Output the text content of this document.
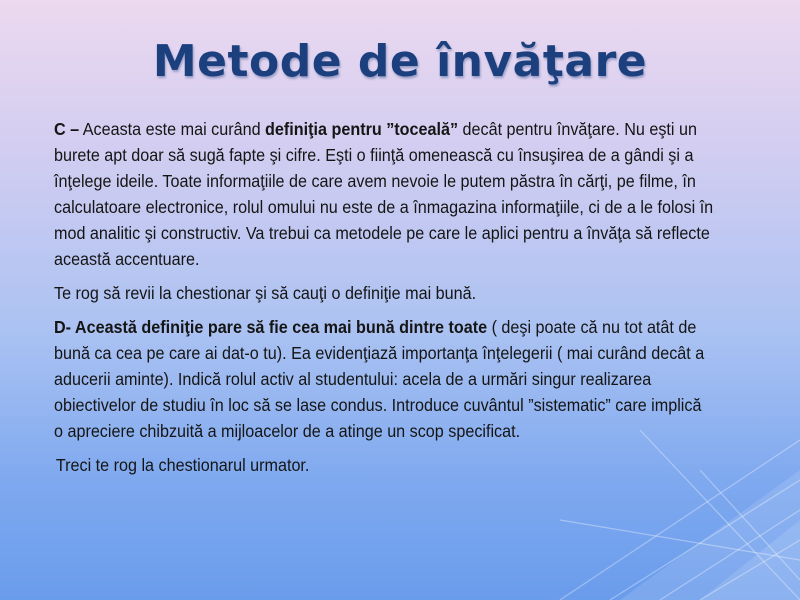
Metode de învăţare

C – Aceasta este mai curând definiţia pentru ”toceală” decât pentru învăţare. Nu eşti un burete apt doar să sugă fapte şi cifre. Eşti o fiinţă omenească cu însuşirea de a gândi şi a înţelege ideile. Toate informaţiile de care avem nevoie le putem păstra în cărţi, pe filme, în calculatoare electronice, rolul omului nu este de a înmagazina informaţiile, ci de a le folosi în mod analitic şi constructiv. Va trebui ca metodele pe care le aplici pentru a învăţa să reflecte această accentuare.

Te rog să revii la chestionar şi să cauţi o definiţie mai bună.

D- Această definiţie pare să fie cea mai bună dintre toate ( deşi poate că nu tot atât de bună ca cea pe care ai dat-o tu). Ea evidenţiază importanţa înţelegerii ( mai curând decât a aducerii aminte). Indică rolul activ al studentului: acela de a urmări singur realizarea obiectivelor de studiu în loc să se lase condus. Introduce cuvântul ”sistematic” care implică o apreciere chibzuită a mijloacelor de a atinge un scop specificat.

Treci te rog la chestionarul urmator.
